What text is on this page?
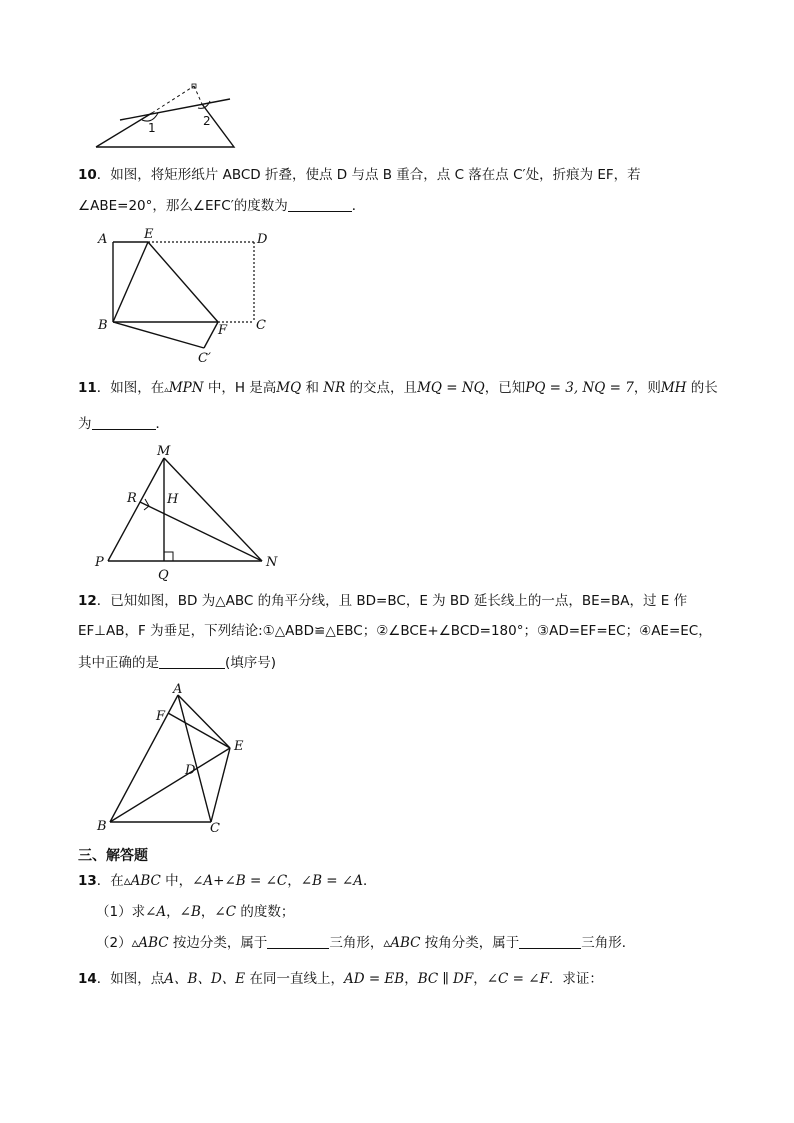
1	2
10．如图，将矩形纸片 ABCD 折叠，使点 D 与点 B 重合，点 C 落在点 C′处，折痕为 EF，若
∠ABE=20°，那么∠EFC′的度数为	．
A	E	D
B	F C
C′
11．如图，在▵MPN 中，H 是高MQ 和 NR 的交点，且MQ = NQ，已知PQ = 3, NQ = 7，则MH 的长
为	．
M
R H
P
Q
N
12．已知如图，BD 为△ABC 的角平分线，且 BD=BC，E 为 BD 延长线上的一点，BE=BA，过 E 作
EF⊥AB，F 为垂足，下列结论:①△ABD≌△EBC；②∠BCE+∠BCD=180°；③AD=EF=EC；④AE=EC，
其中正确的是	(填序号)
A
F
E
D
B	C
三、解答题
13．在▵ABC 中，∠A+∠B = ∠C，∠B = ∠A．
（1）求∠A，∠B，∠C 的度数；
（2）▵ABC 按边分类，属于	三角形，▵ABC 按角分类，属于	三角形．
14．如图，点A、B、D、E 在同一直线上，AD = EB，BC ∥ DF，∠C = ∠F．求证：
